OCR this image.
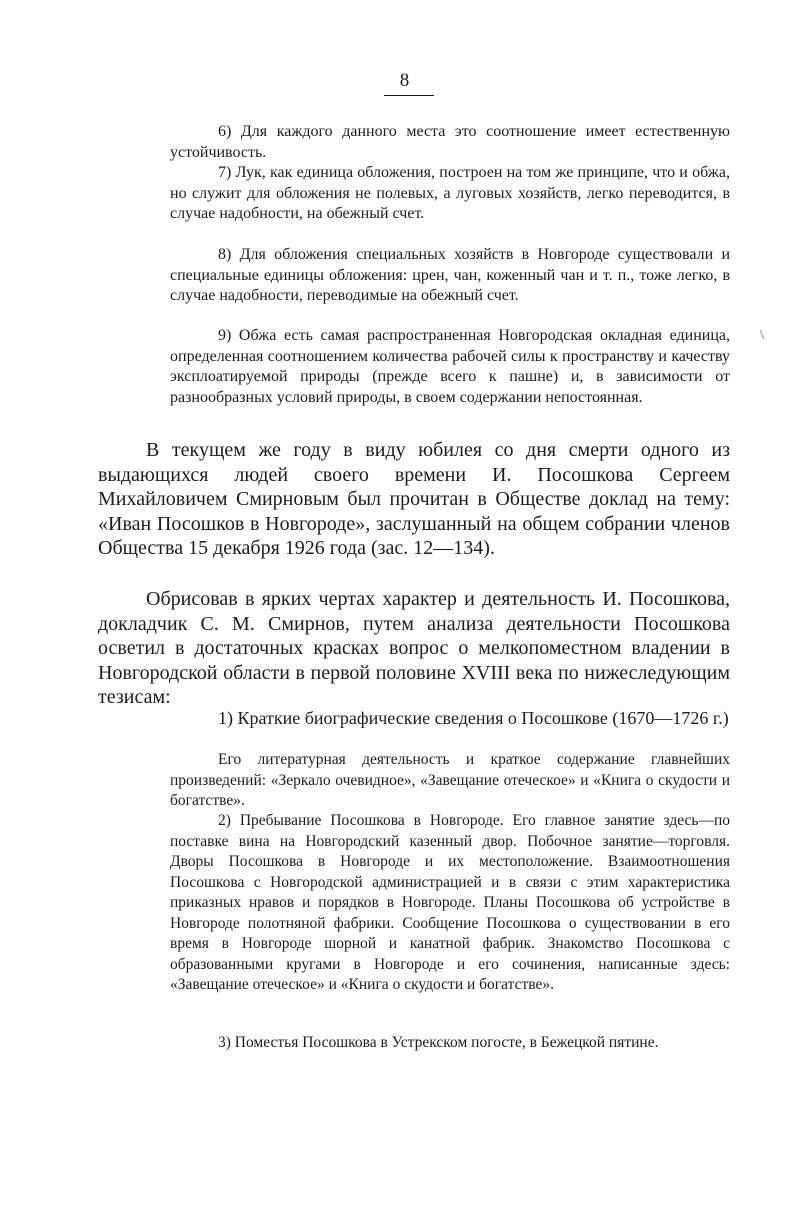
8

6) Для каждого данного места это соотношение имеет естественную устойчивость.

7) Лук, как единица обложения, построен на том же принципе, что и обжа, но служит для обложения не полевых, а луговых хозяйств, легко переводится, в случае надобности, на обежный счет.

8) Для обложения специальных хозяйств в Новгороде существовали и специальные единицы обложения: црен, чан, коженный чан и т. п., тоже легко, в случае надобности, переводимые на обежный счет.

9) Обжа есть самая распространенная Новгородская окладная единица, определенная соотношением количества рабочей силы к пространству и качеству эксплоатируемой природы (прежде всего к пашне) и, в зависимости от разнообразных условий природы, в своем содержании непостоянная.

В текущем же году в виду юбилея со дня смерти одного из выдающихся людей своего времени И. Посошкова Сергеем Михайловичем Смирновым был прочитан в Обществе доклад на тему: «Иван Посошков в Новгороде», заслушанный на общем собрании членов Общества 15 декабря 1926 года (зас. 12—134).

Обрисовав в ярких чертах характер и деятельность И. Посошкова, докладчик С. М. Смирнов, путем анализа деятельности Посошкова осветил в достаточных красках вопрос о мелкопоместном владении в Новгородской области в первой половине XVIII века по нижеследующим тезисам:

1) Краткие биографические сведения о Посошкове (1670—1726 г.)

Его литературная деятельность и краткое содержание главнейших произведений: «Зеркало очевидное», «Завещание отеческое» и «Книга о скудости и богатстве».

2) Пребывание Посошкова в Новгороде. Его главное занятие здесь—по поставке вина на Новгородский казенный двор. Побочное занятие—торговля. Дворы Посошкова в Новгороде и их местоположение. Взаимоотношения Посошкова с Новгородской администрацией и в связи с этим характеристика приказных нравов и порядков в Новгороде. Планы Посошкова об устройстве в Новгороде полотняной фабрики. Сообщение Посошкова о существовании в его время в Новгороде шорной и канатной фабрик. Знакомство Посошкова с образованными кругами в Новгороде и его сочинения, написанные здесь: «Завещание отеческое» и «Книга о скудости и богатстве».

3) Поместья Посошкова в Устрекском погосте, в Бежецкой пятине.

\
